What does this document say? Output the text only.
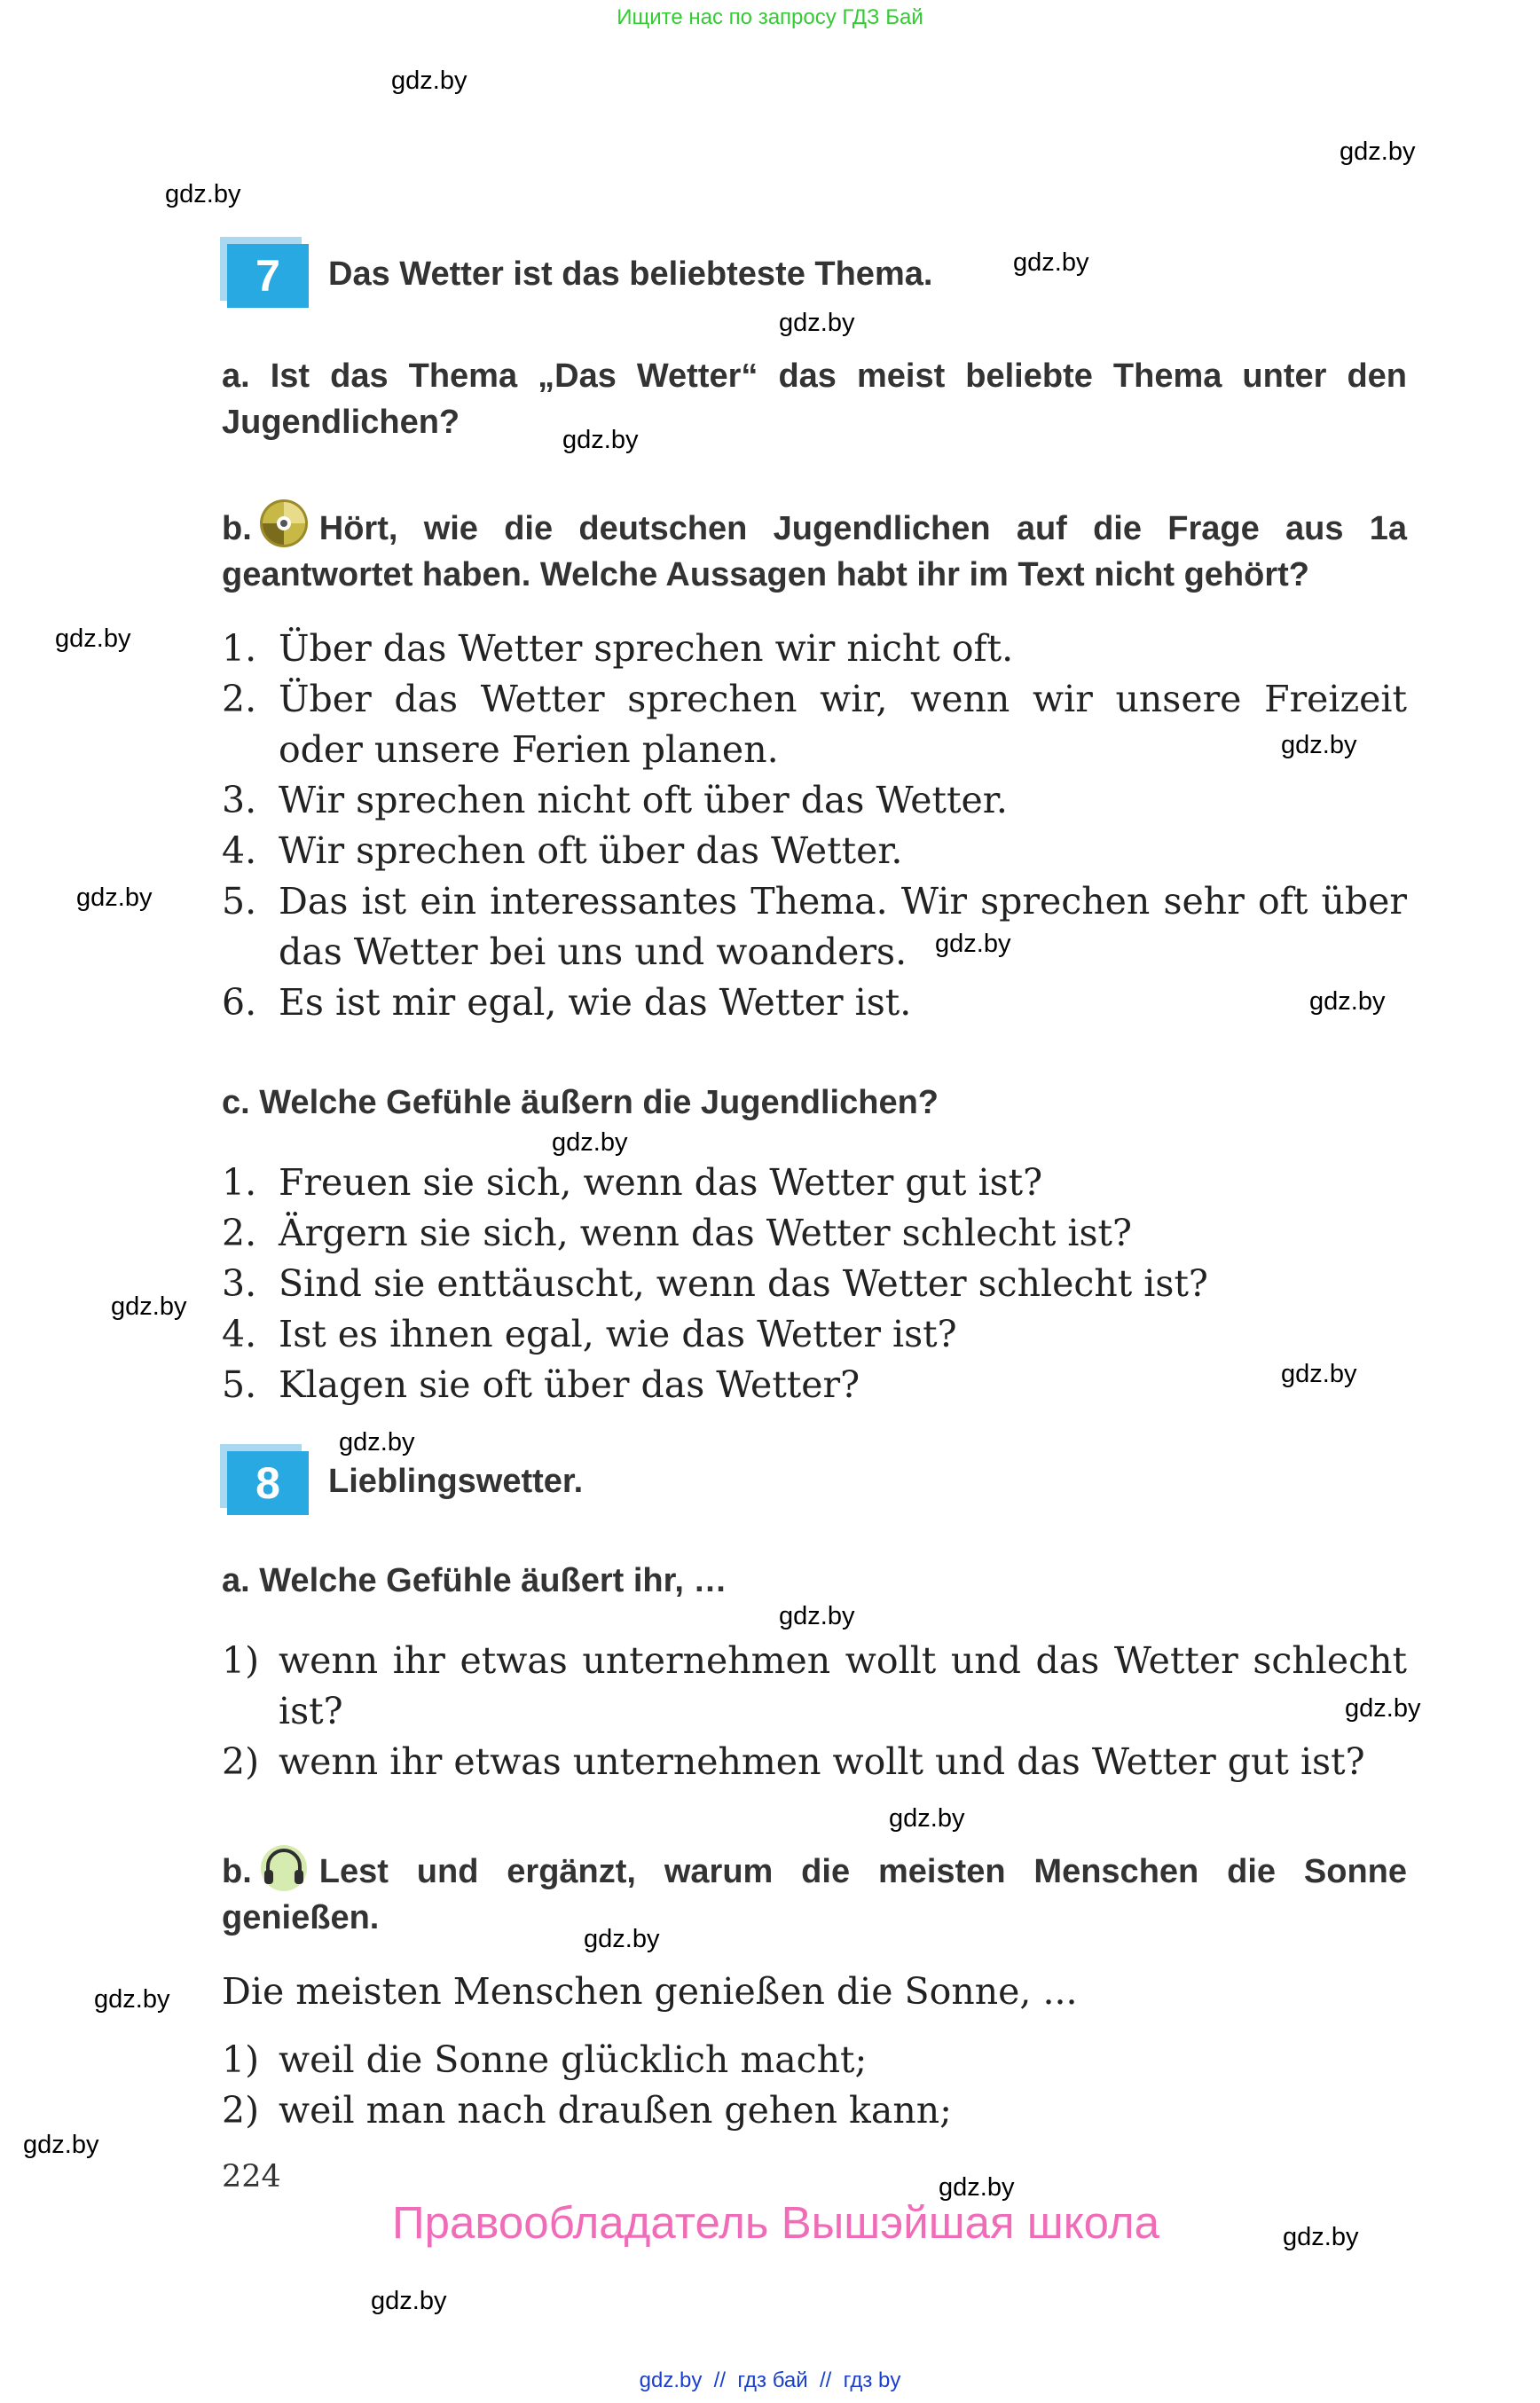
Ищите нас по запросу ГДЗ Бай
gdz.by
gdz.by
gdz.by
gdz.by
gdz.by
gdz.by
gdz.by
gdz.by
gdz.by
gdz.by
gdz.by
gdz.by
gdz.by
gdz.by
gdz.by
gdz.by
gdz.by
gdz.by
gdz.by
gdz.by
gdz.by
gdz.by
gdz.by
gdz.by
7	Das Wetter ist das beliebteste Thema.
a. Ist das Thema „Das Wetter“ das meist beliebte Thema unter den Jugendlichen?
b. Hört, wie die deutschen Jugendlichen auf die Frage aus 1a geantwortet haben. Welche Aussagen habt ihr im Text nicht gehört?
1. Über das Wetter sprechen wir nicht oft.
2. Über das Wetter sprechen wir, wenn wir unsere Freizeit oder unsere Ferien planen.
3. Wir sprechen nicht oft über das Wetter.
4. Wir sprechen oft über das Wetter.
5. Das ist ein interessantes Thema. Wir sprechen sehr oft über das Wetter bei uns und woanders.
6. Es ist mir egal, wie das Wetter ist.
c. Welche Gefühle äußern die Jugendlichen?
1. Freuen sie sich, wenn das Wetter gut ist?
2. Ärgern sie sich, wenn das Wetter schlecht ist?
3. Sind sie enttäuscht, wenn das Wetter schlecht ist?
4. Ist es ihnen egal, wie das Wetter ist?
5. Klagen sie oft über das Wetter?
8	Lieblingswetter.
a. Welche Gefühle äußert ihr, …
1) wenn ihr etwas unternehmen wollt und das Wetter schlecht ist?
2) wenn ihr etwas unternehmen wollt und das Wetter gut ist?
b. Lest und ergänzt, warum die meisten Menschen die Sonne genießen.
Die meisten Menschen genießen die Sonne, ...
1) weil die Sonne glücklich macht;
2) weil man nach draußen gehen kann;
224
Правообладатель Вышэйшая школа
gdz.by  //  гдз бай  //  гдз by
